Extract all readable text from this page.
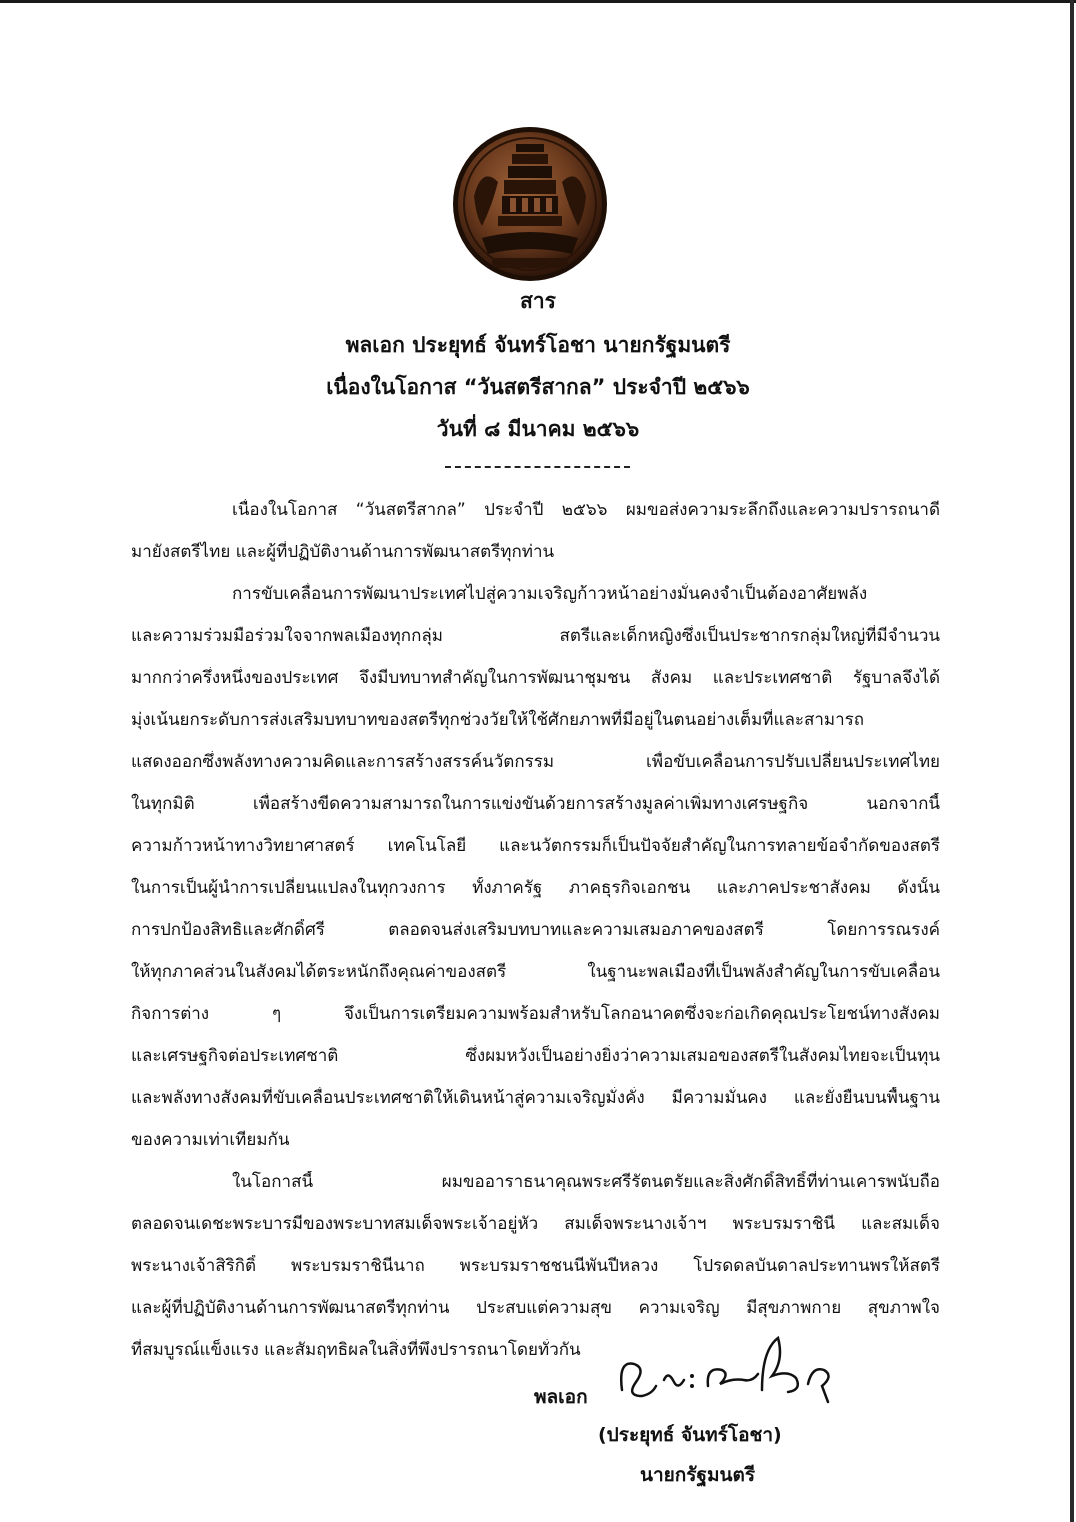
สาร
พลเอก ประยุทธ์ จันทร์โอชา นายกรัฐมนตรี
เนื่องในโอกาส “วันสตรีสากล” ประจำปี ๒๕๖๖
วันที่ ๘ มีนาคม ๒๕๖๖
เนื่องในโอกาส “วันสตรีสากล” ประจำปี ๒๕๖๖ ผมขอส่งความระลึกถึงและความปรารถนาดี
มายังสตรีไทย และผู้ที่ปฏิบัติงานด้านการพัฒนาสตรีทุกท่าน
การขับเคลื่อนการพัฒนาประเทศไปสู่ความเจริญก้าวหน้าอย่างมั่นคงจำเป็นต้องอาศัยพลัง
และความร่วมมือร่วมใจจากพลเมืองทุกกลุ่ม สตรีและเด็กหญิงซึ่งเป็นประชากรกลุ่มใหญ่ที่มีจำนวน
มากกว่าครึ่งหนึ่งของประเทศ จึงมีบทบาทสำคัญในการพัฒนาชุมชน สังคม และประเทศชาติ รัฐบาลจึงได้
มุ่งเน้นยกระดับการส่งเสริมบทบาทของสตรีทุกช่วงวัยให้ใช้ศักยภาพที่มีอยู่ในตนอย่างเต็มที่และสามารถ
แสดงออกซึ่งพลังทางความคิดและการสร้างสรรค์นวัตกรรม เพื่อขับเคลื่อนการปรับเปลี่ยนประเทศไทย
ในทุกมิติ เพื่อสร้างขีดความสามารถในการแข่งขันด้วยการสร้างมูลค่าเพิ่มทางเศรษฐกิจ นอกจากนี้
ความก้าวหน้าทางวิทยาศาสตร์ เทคโนโลยี และนวัตกรรมก็เป็นปัจจัยสำคัญในการทลายข้อจำกัดของสตรี
ในการเป็นผู้นำการเปลี่ยนแปลงในทุกวงการ ทั้งภาครัฐ ภาคธุรกิจเอกชน และภาคประชาสังคม ดังนั้น
การปกป้องสิทธิและศักดิ์ศรี ตลอดจนส่งเสริมบทบาทและความเสมอภาคของสตรี โดยการรณรงค์
ให้ทุกภาคส่วนในสังคมได้ตระหนักถึงคุณค่าของสตรี ในฐานะพลเมืองที่เป็นพลังสำคัญในการขับเคลื่อน
กิจการต่าง ๆ จึงเป็นการเตรียมความพร้อมสำหรับโลกอนาคตซึ่งจะก่อเกิดคุณประโยชน์ทางสังคม
และเศรษฐกิจต่อประเทศชาติ ซึ่งผมหวังเป็นอย่างยิ่งว่าความเสมอของสตรีในสังคมไทยจะเป็นทุน
และพลังทางสังคมที่ขับเคลื่อนประเทศชาติให้เดินหน้าสู่ความเจริญมั่งคั่ง มีความมั่นคง และยั่งยืนบนพื้นฐาน
ของความเท่าเทียมกัน
ในโอกาสนี้ ผมขออาราธนาคุณพระศรีรัตนตรัยและสิ่งศักดิ์สิทธิ์ที่ท่านเคารพนับถือ
ตลอดจนเดชะพระบารมีของพระบาทสมเด็จพระเจ้าอยู่หัว สมเด็จพระนางเจ้าฯ พระบรมราชินี และสมเด็จ
พระนางเจ้าสิริกิติ์ พระบรมราชินีนาถ พระบรมราชชนนีพันปีหลวง โปรดดลบันดาลประทานพรให้สตรี
และผู้ที่ปฏิบัติงานด้านการพัฒนาสตรีทุกท่าน ประสบแต่ความสุข ความเจริญ มีสุขภาพกาย สุขภาพใจ
ที่สมบูรณ์แข็งแรง และสัมฤทธิผลในสิ่งที่พึงปรารถนาโดยทั่วกัน
พลเอก
(ประยุทธ์ จันทร์โอชา)
นายกรัฐมนตรี
